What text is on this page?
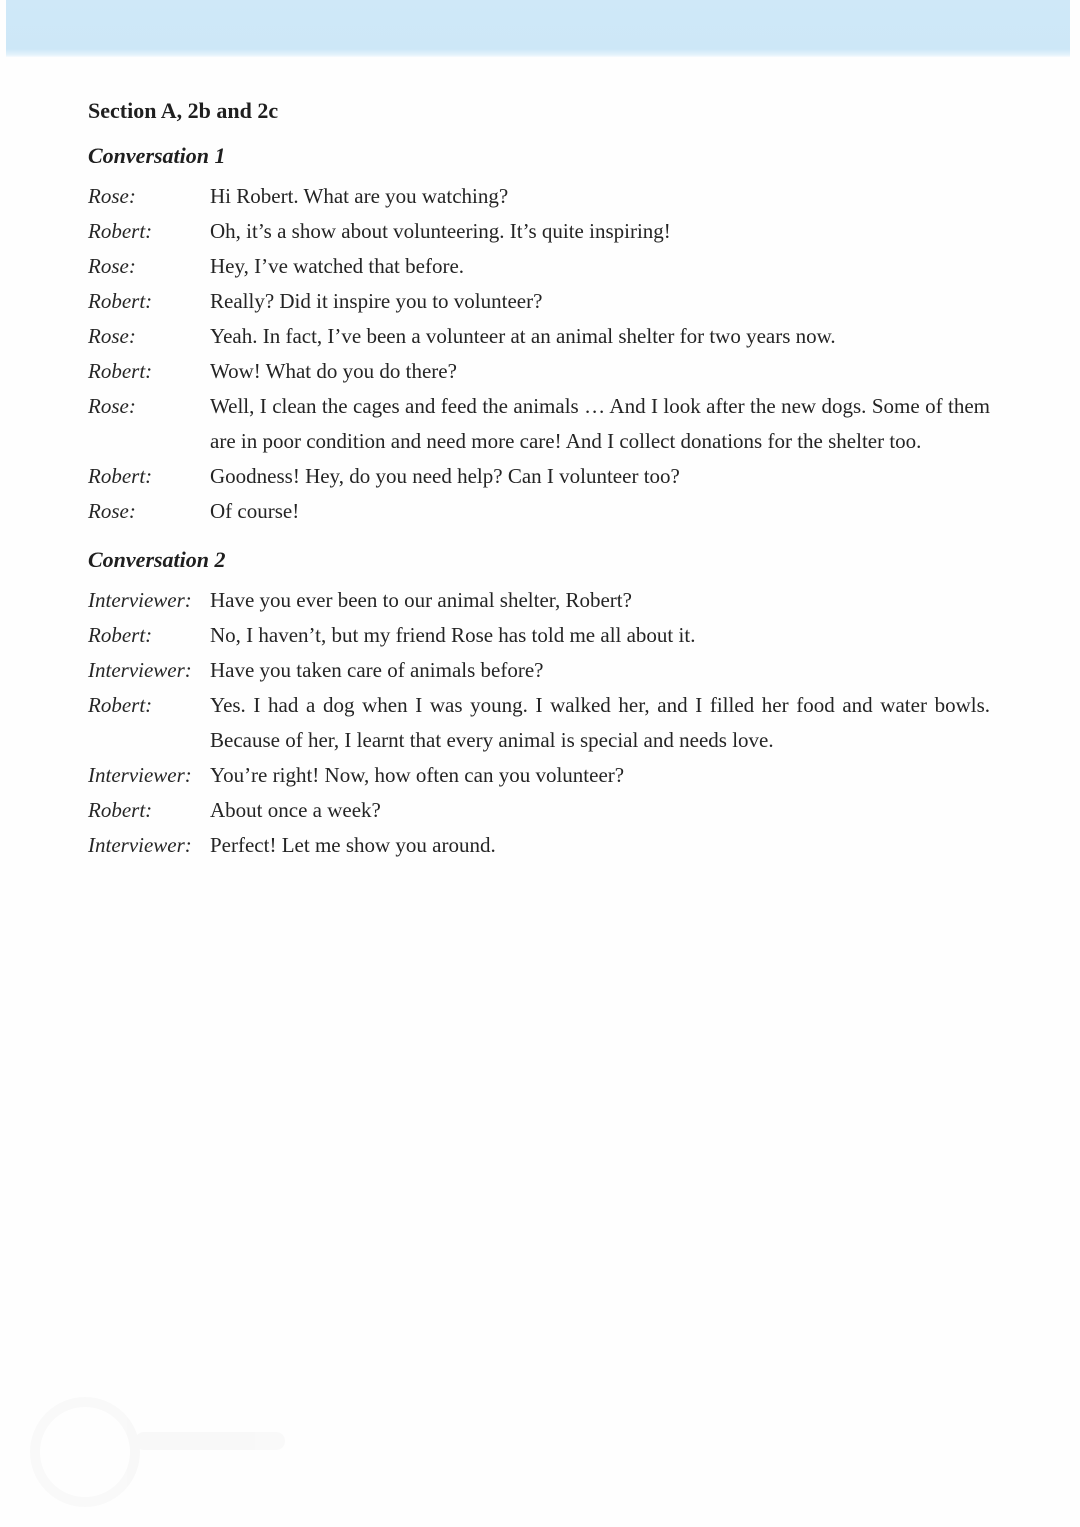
Section A, 2b and 2c
Conversation 1
Rose:	Hi Robert. What are you watching?
Robert:	Oh, it’s a show about volunteering. It’s quite inspiring!
Rose:	Hey, I’ve watched that before.
Robert:	Really? Did it inspire you to volunteer?
Rose:	Yeah. In fact, I’ve been a volunteer at an animal shelter for two years now.
Robert:	Wow! What do you do there?
Rose:	Well, I clean the cages and feed the animals … And I look after the new dogs. Some of them are in poor condition and need more care! And I collect donations for the shelter too.
Robert:	Goodness! Hey, do you need help? Can I volunteer too?
Rose:	Of course!
Conversation 2
Interviewer: Have you ever been to our animal shelter, Robert?
Robert:	No, I haven’t, but my friend Rose has told me all about it.
Interviewer: Have you taken care of animals before?
Robert:	Yes. I had a dog when I was young. I walked her, and I filled her food and water bowls. Because of her, I learnt that every animal is special and needs love.
Interviewer: You’re right! Now, how often can you volunteer?
Robert:	About once a week?
Interviewer: Perfect! Let me show you around.
